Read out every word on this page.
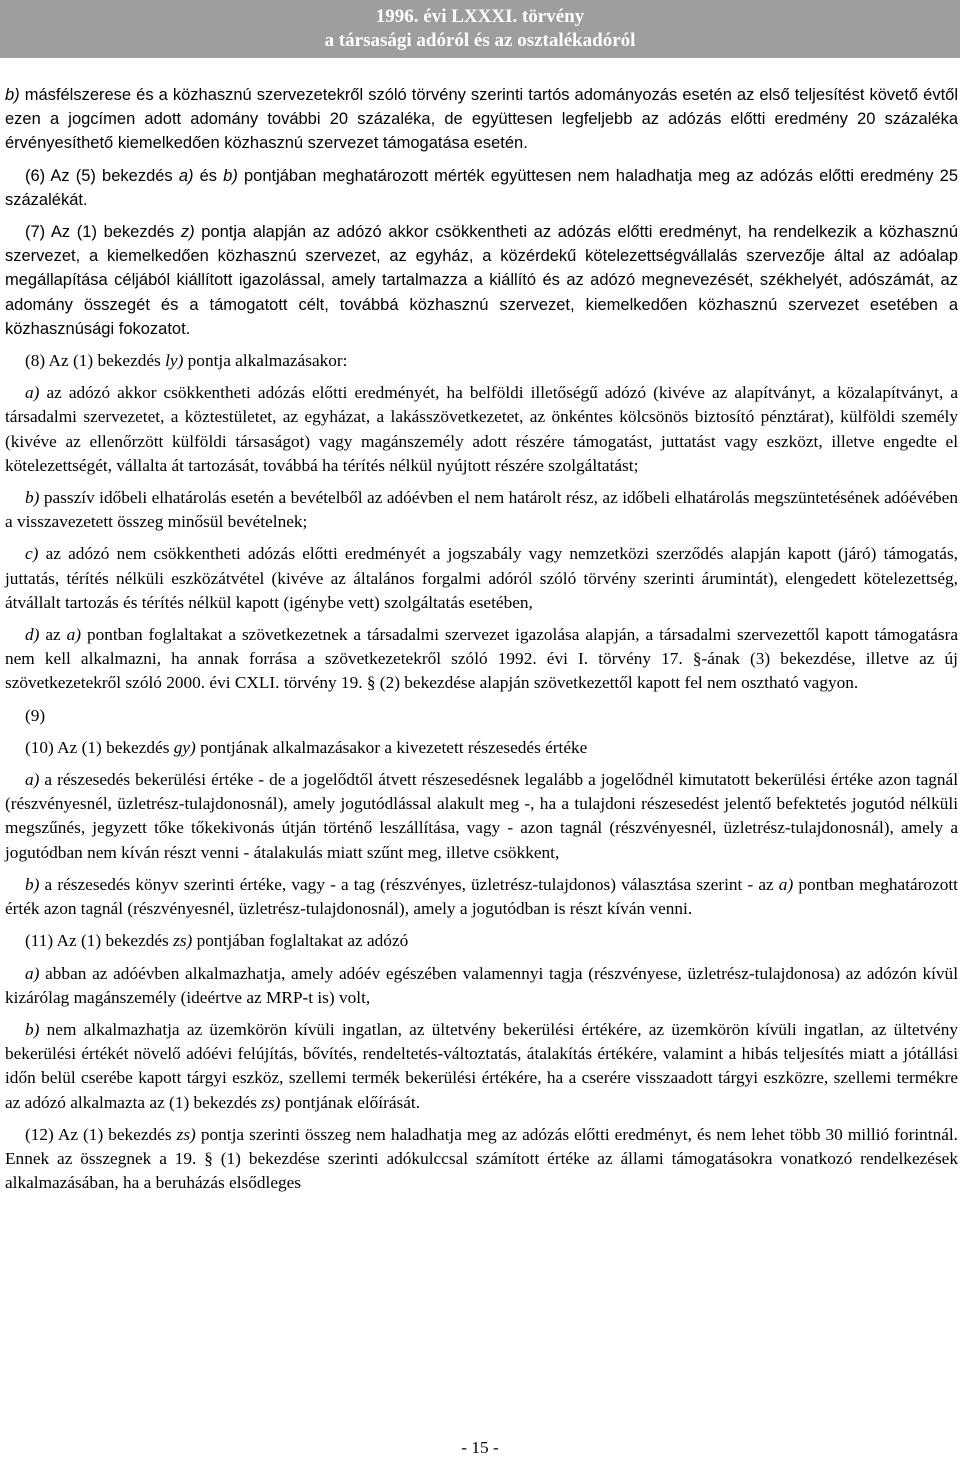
1996. évi LXXXI. törvény
a társasági adóról és az osztalékadóról

b) másfélszerese és a közhasznú szervezetekről szóló törvény szerinti tartós adományozás esetén az első teljesítést követő évtől ezen a jogcímen adott adomány további 20 százaléka, de együttesen legfeljebb az adózás előtti eredmény 20 százaléka érvényesíthető kiemelkedően közhasznú szervezet támogatása esetén.

(6) Az (5) bekezdés a) és b) pontjában meghatározott mérték együttesen nem haladhatja meg az adózás előtti eredmény 25 százalékát.

(7) Az (1) bekezdés z) pontja alapján az adózó akkor csökkentheti az adózás előtti eredményt, ha rendelkezik a közhasznú szervezet, a kiemelkedően közhasznú szervezet, az egyház, a közérdekű kötelezettségvállalás szervezője által az adóalap megállapítása céljából kiállított igazolással, amely tartalmazza a kiállító és az adózó megnevezését, székhelyét, adószámát, az adomány összegét és a támogatott célt, továbbá közhasznú szervezet, kiemelkedően közhasznú szervezet esetében a közhasznúsági fokozatot.

(8) Az (1) bekezdés ly) pontja alkalmazásakor:

a) az adózó akkor csökkentheti adózás előtti eredményét, ha belföldi illetőségű adózó (kivéve az alapítványt, a közalapítványt, a társadalmi szervezetet, a köztestületet, az egyházat, a lakásszövetkezetet, az önkéntes kölcsönös biztosító pénztárat), külföldi személy (kivéve az ellenőrzött külföldi társaságot) vagy magánszemély adott részére támogatást, juttatást vagy eszközt, illetve engedte el kötelezettségét, vállalta át tartozását, továbbá ha térítés nélkül nyújtott részére szolgáltatást;

b) passzív időbeli elhatárolás esetén a bevételből az adóévben el nem határolt rész, az időbeli elhatárolás megszüntetésének adóévében a visszavezetett összeg minősül bevételnek;

c) az adózó nem csökkentheti adózás előtti eredményét a jogszabály vagy nemzetközi szerződés alapján kapott (járó) támogatás, juttatás, térítés nélküli eszközátvétel (kivéve az általános forgalmi adóról szóló törvény szerinti árumintát), elengedett kötelezettség, átvállalt tartozás és térítés nélkül kapott (igénybe vett) szolgáltatás esetében,

d) az a) pontban foglaltakat a szövetkezetnek a társadalmi szervezet igazolása alapján, a társadalmi szervezettől kapott támogatásra nem kell alkalmazni, ha annak forrása a szövetkezetekről szóló 1992. évi I. törvény 17. §-ának (3) bekezdése, illetve az új szövetkezetekről szóló 2000. évi CXLI. törvény 19. § (2) bekezdése alapján szövetkezettől kapott fel nem osztható vagyon.

(9)

(10) Az (1) bekezdés gy) pontjának alkalmazásakor a kivezetett részesedés értéke

a) a részesedés bekerülési értéke - de a jogelődtől átvett részesedésnek legalább a jogelődnél kimutatott bekerülési értéke azon tagnál (részvényesnél, üzletrész-tulajdonosnál), amely jogutódlással alakult meg -, ha a tulajdoni részesedést jelentő befektetés jogutód nélküli megszűnés, jegyzett tőke tőkekivonás útján történő leszállítása, vagy - azon tagnál (részvényesnél, üzletrész-tulajdonosnál), amely a jogutódban nem kíván részt venni - átalakulás miatt szűnt meg, illetve csökkent,

b) a részesedés könyv szerinti értéke, vagy - a tag (részvényes, üzletrész-tulajdonos) választása szerint - az a) pontban meghatározott érték azon tagnál (részvényesnél, üzletrész-tulajdonosnál), amely a jogutódban is részt kíván venni.

(11) Az (1) bekezdés zs) pontjában foglaltakat az adózó

a) abban az adóévben alkalmazhatja, amely adóév egészében valamennyi tagja (részvényese, üzletrész-tulajdonosa) az adózón kívül kizárólag magánszemély (ideértve az MRP-t is) volt,

b) nem alkalmazhatja az üzemkörön kívüli ingatlan, az ültetvény bekerülési értékére, az üzemkörön kívüli ingatlan, az ültetvény bekerülési értékét növelő adóévi felújítás, bővítés, rendeltetés-változtatás, átalakítás értékére, valamint a hibás teljesítés miatt a jótállási időn belül cserébe kapott tárgyi eszköz, szellemi termék bekerülési értékére, ha a cserére visszaadott tárgyi eszközre, szellemi termékre az adózó alkalmazta az (1) bekezdés zs) pontjának előírását.

(12) Az (1) bekezdés zs) pontja szerinti összeg nem haladhatja meg az adózás előtti eredményt, és nem lehet több 30 millió forintnál. Ennek az összegnek a 19. § (1) bekezdése szerinti adókulccsal számított értéke az állami támogatásokra vonatkozó rendelkezések alkalmazásában, ha a beruházás elsődleges

- 15 -
